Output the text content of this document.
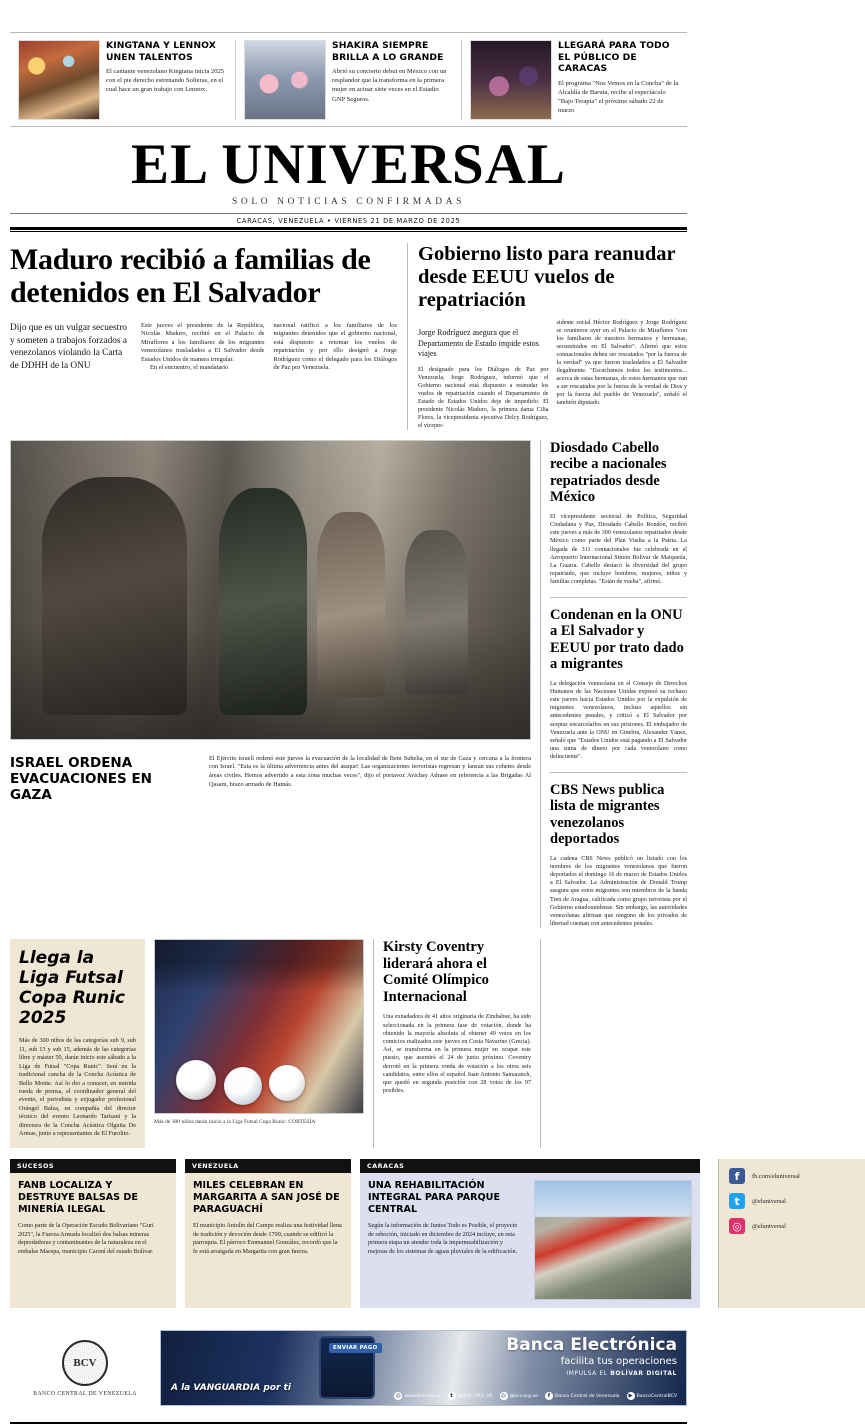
KINGTANA Y LENNOX UNEN TALENTOS
El cantante venezolano Kingtana inicia 2025 con el pie derecho estrenando Solteras, en el cual hace un gran trabajo con Lennox.
SHAKIRA SIEMPRE BRILLA A LO GRANDE
Abrió su concierto debut en México con un resplandor que la transforma en la primera mujer en actuar siete veces en el Estadio GNP Seguros.
LLEGARÁ PARA TODO EL PÚBLICO DE CARACAS
El programa "Nos Vemos en la Concha" de la Alcaldía de Baruta, recibe al espectáculo "Bajo Terapia" el próximo sábado 22 de marzo
EL UNIVERSAL
SOLO NOTICIAS CONFIRMADAS
CARACAS, VENEZUELA • VIERNES 21 DE MARZO DE 2025
Maduro recibió a familias de detenidos en El Salvador
Dijo que es un vulgar secuestro y someten a trabajos forzados a venezolanos violando la Carta de DDHH de la ONU

Este jueves el presidente de la República, Nicolás Maduro, recibió en el Palacio de Miraflores a los familiares de los migrantes venezolanos trasladados a El Salvador desde Estados Unidos de manera irregular.

En el encuentro, el mandatario

nacional ratificó a los familiares de los migrantes detenidos que el gobierno nacional, está dispuesto a retomar los vuelos de repatriación y por ello designó a Jorge Rodríguez como el delegado para los Diálogos de Paz por Venezuela.

Gobierno listo para reanudar desde EEUU vuelos de repatriación
Jorge Rodríguez asegura que el Departamento de Estado impide estos viajes
El designado para los Diálogos de Paz por Venezuela, Jorge Rodríguez, informó que el Gobierno nacional está dispuesto a reanudar los vuelos de repatriación cuando el Departamento de Estado de Estados Unidos deje de impedirlo. El presidente Nicolás Maduro, la primera dama Cilia Flores, la vicepresidenta ejecutiva Delcy Rodríguez, el vicepre-
sidente social Héctor Rodríguez y Jorge Rodríguez se reunieron ayer en el Palacio de Miraflores "con los familiares de nuestros hermanos y hermanas, secuestrados en El Salvador". Afirmó que estos connacionales deben ser rescatados "por la fuerza de la verdad" ya que fueron trasladados a El Salvador ilegalmente. "Escuchamos todos los testimonios... acerca de estas hermanas, de estos hermanos que van a ser rescatados por la fuerza de la verdad de Dios y por la fuerza del pueblo de Venezuela", señaló el también diputado.
ISRAEL ORDENA EVACUACIONES EN GAZA
El Ejército israelí ordenó este jueves la evacuación de la localidad de Beni Suhelia, en el sur de Gaza y cercana a la frontera con Israel. "Esta es la última advertencia antes del ataque! Las organizaciones terroristas regresan y lanzan sus cohetes desde áreas civiles. Hemos advertido a esta zona muchas veces", dijo el portavoz Avichay Adraee en referencia a las Brigadas Al Qasam, brazo armado de Hamás.
Diosdado Cabello recibe a nacionales repatriados desde México
El vicepresidente sectorial de Política, Seguridad Ciudadana y Paz, Diosdado Cabello Rondón, recibió este jueves a más de 300 venezolanos repatriados desde México como parte del Plan Vuelta a la Patria. La llegada de 311 connacionales fue celebrada en el Aeropuerto Internacional Simón Bolívar de Maiquetía, La Guaira. Cabello destacó la diversidad del grupo repatriado, que incluye hombres, mujeres, niños y familias completas. "Están de vuelta", afirmó.
Condenan en la ONU a El Salvador y EEUU por trato dado a migrantes
La delegación venezolana en el Consejo de Derechos Humanos de las Naciones Unidas expresó su rechazo este jueves hacia Estados Unidos por la expulsión de migrantes venezolanos, incluso aquellos sin antecedentes penales, y criticó a El Salvador por aceptar encarcelarlos en sus prisiones. El embajador de Venezuela ante la ONU en Ginebra, Alexander Yánez, señaló que "Estados Unidos está pagando a El Salvador una suma de dinero por cada venezolano como delincuente".
CBS News publica lista de migrantes venezolanos deportados
La cadena CBS News publicó un listado con los nombres de los migrantes venezolanos que fueron deportados el domingo 16 de marzo de Estados Unidos a El Salvador. La Administración de Donald Trump asegura que estos migrantes son miembros de la banda Tren de Aragua, calificada como grupo terrorista por el Gobierno estadounidense. Sin embargo, las autoridades venezolanas afirman que ninguno de los privados de libertad cuentan con antecedentes penales.
Llega la Liga Futsal Copa Runic 2025
Más de 300 niños de las categorías sub 9, sub 11, sub 13 y sub 15, además de las categorías libre y máster 50, darán inicio este sábado a la Liga de Futsal "Copa Runic". Será en la tradicional cancha de la Concha Acústica de Bello Monte. Así lo dio a conocer, en nutrida rueda de prensa, el coordinador general del evento, el periodista y exjugador profesional Orángel Balza, en compañía del director técnico del evento Leonardo Tarisani y la directora de la Concha Acústica Olguita De Armas, junto a representantes de El Furolito.
Más de 300 niños darán inicio a la Liga Futsal Copa Runic. CORTESÍA
Kirsty Coventry liderará ahora el Comité Olímpico Internacional
Una exnadadora de 41 años originaria de Zimbabue, ha sido seleccionada en la primera fase de votación, donde ha obtenido la mayoría absoluta al obtener 49 votos en los comicios realizados este jueves en Costa Navarino (Grecia). Así, se transforma en la primera mujer en ocupar este puesto, que asumirá el 24 de junio próximo. Coventry derrotó en la primera ronda de votación a los otros seis candidatos, entre ellos el español Juan Antonio Samaranch, que quedó en segunda posición con 28 votos de los 97 posibles.
SUCESOS
FANB LOCALIZA Y DESTRUYE BALSAS DE MINERÍA ILEGAL
Como parte de la Operación Escudo Bolivariano "Guri 2025", la Fuerza Armada localizó dos balsas mineras depredadoras y contaminantes de la naturaleza en el embalse Maespa, municipio Caroní del estado Bolívar.
VENEZUELA
MILES CELEBRAN EN MARGARITA A SAN JOSÉ DE PARAGUACHÍ
El municipio Antolín del Campo realiza una festividad llena de tradición y devoción desde 1799, cuando se edificó la parroquia. El párroco Emmanuel González, recordó que la fe está arraigada en Margarita con gran fuerza.
CARACAS
UNA REHABILITACIÓN INTEGRAL PARA PARQUE CENTRAL
Según la información de Juntos Todo es Posible, el proyecto de reboción, iniciado en diciembre de 2024 incluye, en esta primera etapa un atender toda la impermeabilización y mejoras de los sistemas de aguas pluviales de la edificación.
f	fb.com/eluniversal
t	@eluniversal
◎	@eluniversal
BCV
BANCO CENTRAL DE VENEZUELA
ENVIAR PAGO
A la VANGUARDIA por ti
Banca Electrónica
facilita tus operaciones
IMPULSA EL BOLÍVAR DIGITAL
◎ www.bcv.org.ve	t	@BCV_ORG_VE ◎ @bcv.org.ve	f	Banco Central de Venezuela	▶ BancoCentralBCV
